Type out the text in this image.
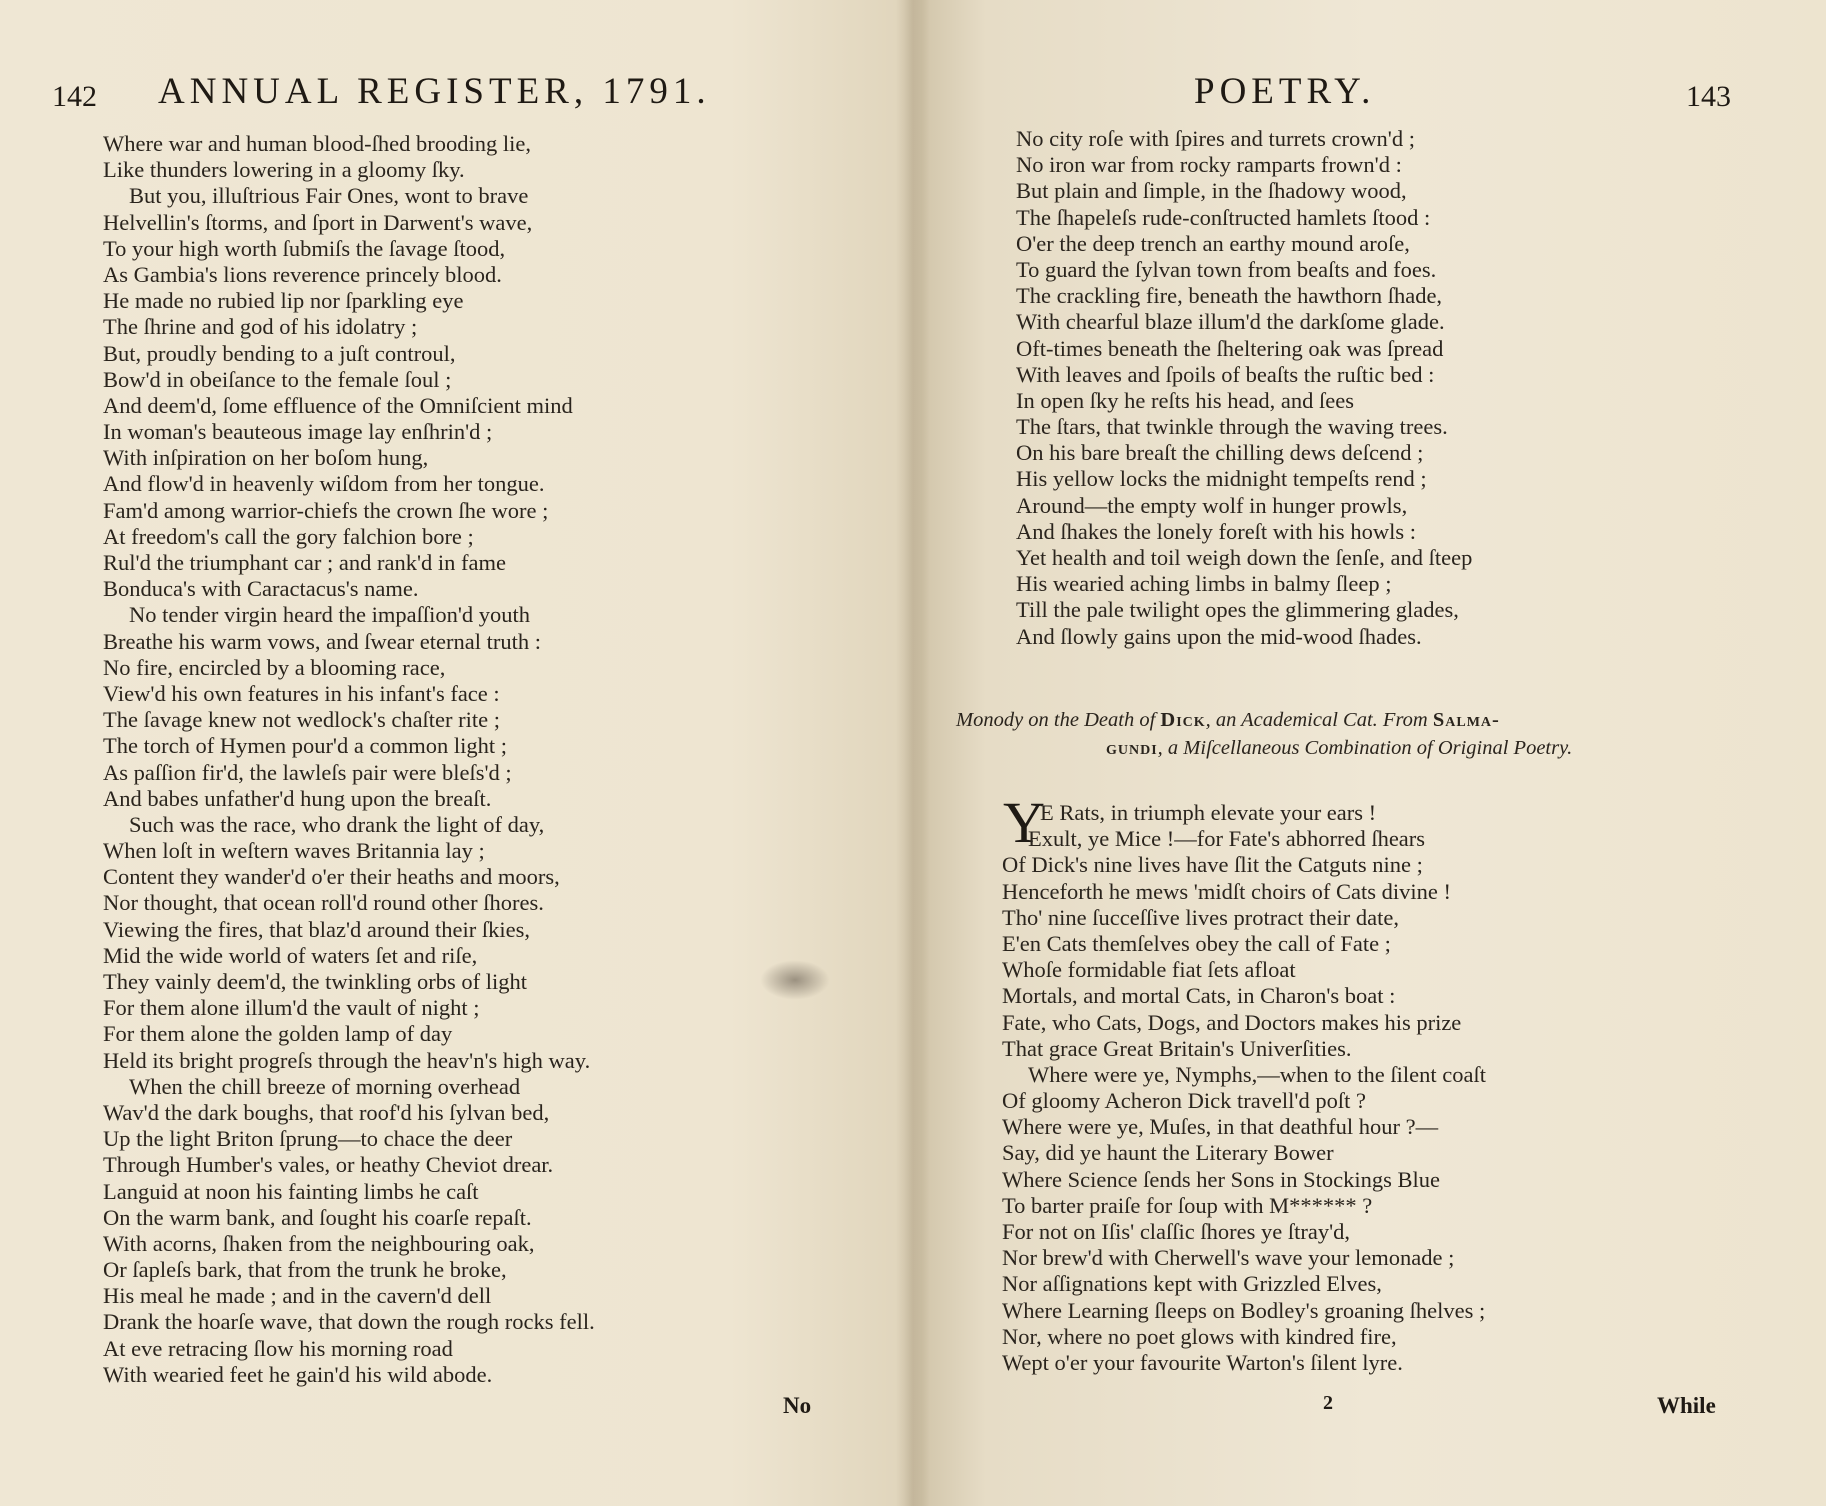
142 ANNUAL REGISTER, 1791.
Where war and human blood-ſhed brooding lie,
Like thunders lowering in a gloomy ſky.
But you, illuſtrious Fair Ones, wont to brave
Helvellin's ſtorms, and ſport in Darwent's wave,
To your high worth ſubmiſs the ſavage ſtood,
As Gambia's lions reverence princely blood.
He made no rubied lip nor ſparkling eye
The ſhrine and god of his idolatry ;
But, proudly bending to a juſt controul,
Bow'd in obeiſance to the female ſoul ;
And deem'd, ſome effluence of the Omniſcient mind
In woman's beauteous image lay enſhrin'd ;
With inſpiration on her boſom hung,
And flow'd in heavenly wiſdom from her tongue.
Fam'd among warrior-chiefs the crown ſhe wore ;
At freedom's call the gory falchion bore ;
Rul'd the triumphant car ; and rank'd in fame
Bonduca's with Caractacus's name.
No tender virgin heard the impaſſion'd youth
Breathe his warm vows, and ſwear eternal truth :
No fire, encircled by a blooming race,
View'd his own features in his infant's face :
The ſavage knew not wedlock's chaſter rite ;
The torch of Hymen pour'd a common light ;
As paſſion fir'd, the lawleſs pair were bleſs'd ;
And babes unfather'd hung upon the breaſt.
Such was the race, who drank the light of day,
When loſt in weſtern waves Britannia lay ;
Content they wander'd o'er their heaths and moors,
Nor thought, that ocean roll'd round other ſhores.
Viewing the fires, that blaz'd around their ſkies,
Mid the wide world of waters ſet and riſe,
They vainly deem'd, the twinkling orbs of light
For them alone illum'd the vault of night ;
For them alone the golden lamp of day
Held its bright progreſs through the heav'n's high way.
When the chill breeze of morning overhead
Wav'd the dark boughs, that roof'd his ſylvan bed,
Up the light Briton ſprung—to chace the deer
Through Humber's vales, or heathy Cheviot drear.
Languid at noon his fainting limbs he caſt
On the warm bank, and ſought his coarſe repaſt.
With acorns, ſhaken from the neighbouring oak,
Or ſapleſs bark, that from the trunk he broke,
His meal he made ; and in the cavern'd dell
Drank the hoarſe wave, that down the rough rocks fell.
At eve retracing ſlow his morning road
With wearied feet he gain'd his wild abode.
No
POETRY.	143
No city roſe with ſpires and turrets crown'd ;
No iron war from rocky ramparts frown'd :
But plain and ſimple, in the ſhadowy wood,
The ſhapeleſs rude-conſtructed hamlets ſtood :
O'er the deep trench an earthy mound aroſe,
To guard the ſylvan town from beaſts and foes.
The crackling fire, beneath the hawthorn ſhade,
With chearful blaze illum'd the darkſome glade.
Oft-times beneath the ſheltering oak was ſpread
With leaves and ſpoils of beaſts the ruſtic bed :
In open ſky he reſts his head, and ſees
The ſtars, that twinkle through the waving trees.
On his bare breaſt the chilling dews deſcend ;
His yellow locks the midnight tempeſts rend ;
Around—the empty wolf in hunger prowls,
And ſhakes the lonely foreſt with his howls :
Yet health and toil weigh down the ſenſe, and ſteep
His wearied aching limbs in balmy ſleep ;
Till the pale twilight opes the glimmering glades,
And ſlowly gains upon the mid-wood ſhades.
Monody on the Death of Dick, an Academical Cat. From Salma-
gundi, a Miſcellaneous Combination of Original Poetry.
Y
E Rats, in triumph elevate your ears !
Exult, ye Mice !—for Fate's abhorred ſhears
Of Dick's nine lives have ſlit the Catguts nine ;
Henceforth he mews 'midſt choirs of Cats divine !
Tho' nine ſucceſſive lives protract their date,
E'en Cats themſelves obey the call of Fate ;
Whoſe formidable fiat ſets afloat
Mortals, and mortal Cats, in Charon's boat :
Fate, who Cats, Dogs, and Doctors makes his prize
That grace Great Britain's Univerſities.
Where were ye, Nymphs,—when to the ſilent coaſt
Of gloomy Acheron Dick travell'd poſt ?
Where were ye, Muſes, in that deathful hour ?—
Say, did ye haunt the Literary Bower
Where Science ſends her Sons in Stockings Blue
To barter praiſe for ſoup with M****** ?
For not on Iſis' claſſic ſhores ye ſtray'd,
Nor brew'd with Cherwell's wave your lemonade ;
Nor aſſignations kept with Grizzled Elves,
Where Learning ſleeps on Bodley's groaning ſhelves ;
Nor, where no poet glows with kindred fire,
Wept o'er your favourite Warton's ſilent lyre.
2	While
